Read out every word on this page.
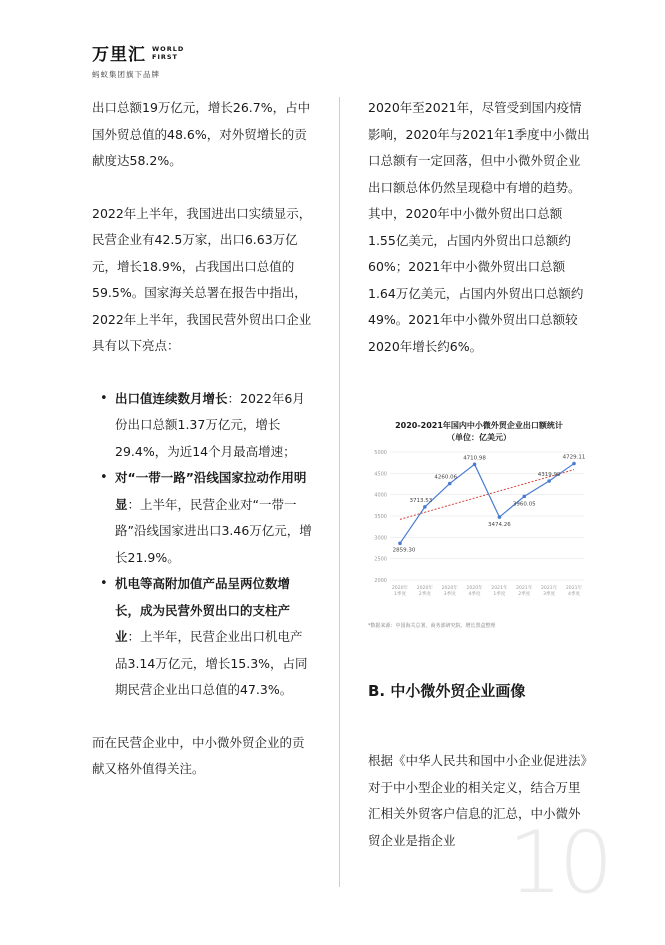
万里汇 WORLD
FIRST
蚂蚁集团旗下品牌

出口总额19万亿元，增长26.7%，占中国外贸总值的48.6%，对外贸增长的贡献度达58.2%。

2022年上半年，我国进出口实绩显示，民营企业有42.5万家，出口6.63万亿元，增长18.9%，占我国出口总值的59.5%。国家海关总署在报告中指出，2022年上半年，我国民营外贸出口企业具有以下亮点：

• 出口值连续数月增长：2022年6月份出口总额1.37万亿元，增长29.4%，为近14个月最高增速；
• 对“一带一路”沿线国家拉动作用明显：上半年，民营企业对“一带一路”沿线国家进出口3.46万亿元，增长21.9%。
• 机电等高附加值产品呈两位数增长，成为民营外贸出口的支柱产业：上半年，民营企业出口机电产品3.14万亿元，增长15.3%，占同期民营企业出口总值的47.3%。

而在民营企业中，中小微外贸企业的贡献又格外值得关注。

2020年至2021年，尽管受到国内疫情影响，2020年与2021年1季度中小微出口总额有一定回落，但中小微外贸企业出口额总体仍然呈现稳中有增的趋势。其中，2020年中小微外贸出口总额1.55亿美元，占国内外贸出口总额约60%；2021年中小微外贸出口总额1.64万亿美元，占国内外贸出口总额约49%。2021年中小微外贸出口总额较2020年增长约6%。

2020-2021年国内中小微外贸企业出口额统计（单位：亿美元）
2000
2500
3000
3500
4000
4500
5000
2020年
1季度
2020年
2季度
2020年
3季度
2020年
4季度
2021年
1季度
2021年
2季度
2021年
3季度
2021年
4季度
2859.30
3713.53
4260.06
4710.98
3474.26
3960.05
4319.99
4729.11
*数据来源：中国海关总署、商务部研究院、增长黑盒整理
B. 中小微外贸企业画像

根据《中华人民共和国中小企业促进法》对于中小型企业的相关定义，结合万里汇相关外贸客户信息的汇总，中小微外贸企业是指企业 10
